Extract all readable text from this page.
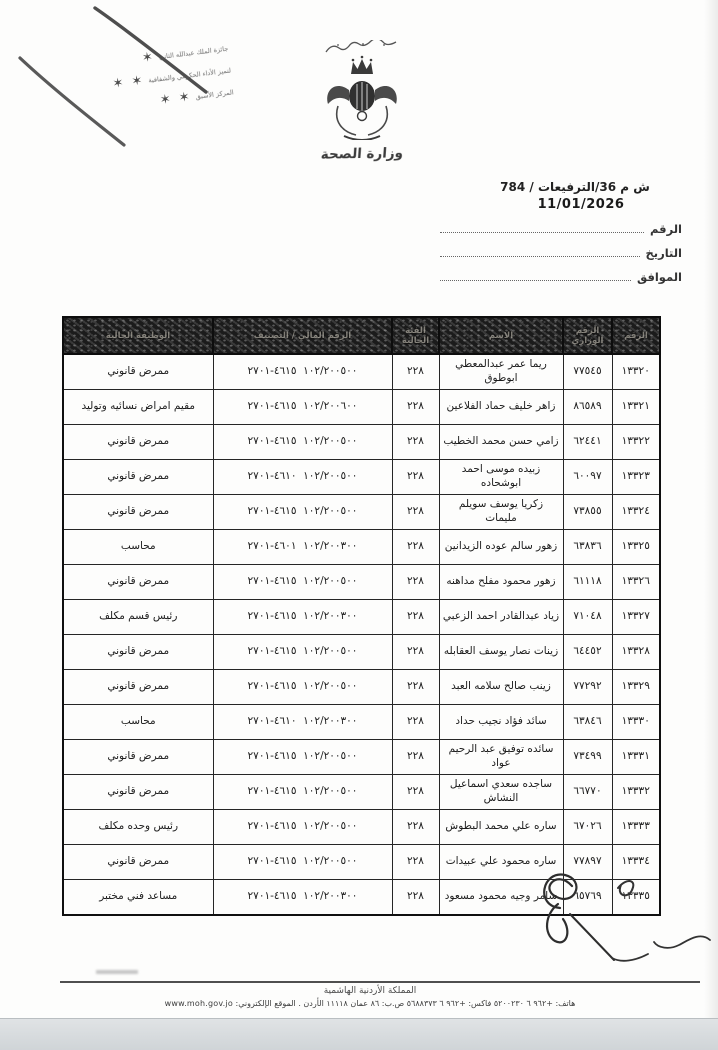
جائزة الملك عبدالله الثاني
✶
لتميز الأداء الحكومي والشفافية
✶ ✶
المركز الأسبق
✶ ✶
وزارة الصحة
ش م 36/الترفيعات / 784
11/01/2026
الرقم
التاريخ
الموافق
الرقم	الرقم الوزاري	الاسم	الفئة الحالية	الرقم المالي / التصنيف	الوظيفة الحالية
١٣٣٢٠	٧٧٥٤٥	ريما عمر عبدالمعطي ابوطوق	٢٢٨	١٠٢/٢٠٠٥٠٠  ٤٦١٥-٢٧٠١	ممرض قانوني
١٣٣٢١	٨٦٥٨٩	زاهر خليف حماد الفلاعين	٢٢٨	١٠٢/٢٠٠٦٠٠  ٤٦١٥-٢٧٠١	مقيم امراض نسائيه وتوليد
١٣٣٢٢	٦٢٤٤١	زامي حسن محمد الخطيب	٢٢٨	١٠٢/٢٠٠٥٠٠  ٤٦١٥-٢٧٠١	ممرض قانوني
١٣٣٢٣	٦٠٠٩٧	زبيده موسى احمد ابوشحاده	٢٢٨	١٠٢/٢٠٠٥٠٠  ٤٦١٠-٢٧٠١	ممرض قانوني
١٣٣٢٤	٧٣٨٥٥	زكريا يوسف سويلم مليمات	٢٢٨	١٠٢/٢٠٠٥٠٠  ٤٦١٥-٢٧٠١	ممرض قانوني
١٣٣٢٥	٦٣٨٣٦	زهور سالم عوده الزيدانين	٢٢٨	١٠٢/٢٠٠٣٠٠  ٤٦٠١-٢٧٠١	محاسب
١٣٣٢٦	٦١١١٨	زهور محمود مفلح مداهنه	٢٢٨	١٠٢/٢٠٠٥٠٠  ٤٦١٥-٢٧٠١	ممرض قانوني
١٣٣٢٧	٧١٠٤٨	زياد عبدالقادر احمد الزعبي	٢٢٨	١٠٢/٢٠٠٣٠٠  ٤٦١٥-٢٧٠١	رئيس قسم مكلف
١٣٣٢٨	٦٤٤٥٢	زينات نصار يوسف العقابله	٢٢٨	١٠٢/٢٠٠٥٠٠  ٤٦١٥-٢٧٠١	ممرض قانوني
١٣٣٢٩	٧٧٢٩٢	زينب صالح سلامه العبد	٢٢٨	١٠٢/٢٠٠٥٠٠  ٤٦١٥-٢٧٠١	ممرض قانوني
١٣٣٣٠	٦٣٨٤٦	سائد فؤاد نجيب حداد	٢٢٨	١٠٢/٢٠٠٣٠٠  ٤٦١٠-٢٧٠١	محاسب
١٣٣٣١	٧٣٤٩٩	سائده توفيق عبد الرحيم عواد	٢٢٨	١٠٢/٢٠٠٥٠٠  ٤٦١٥-٢٧٠١	ممرض قانوني
١٣٣٣٢	٦٦٧٧٠	ساجده سعدي اسماعيل النشاش	٢٢٨	١٠٢/٢٠٠٥٠٠  ٤٦١٥-٢٧٠١	ممرض قانوني
١٣٣٣٣	٦٧٠٢٦	ساره علي محمد البطوش	٢٢٨	١٠٢/٢٠٠٥٠٠  ٤٦١٥-٢٧٠١	رئيس وحده مكلف
١٣٣٣٤	٧٧٨٩٧	ساره محمود علي عبيدات	٢٢٨	١٠٢/٢٠٠٥٠٠  ٤٦١٥-٢٧٠١	ممرض قانوني
١٣٣٣٥	٦٥٧٦٩	سامر وجيه محمود مسعود	٢٢٨	١٠٢/٢٠٠٣٠٠  ٤٦١٥-٢٧٠١	مساعد فني مختبر
المملكة الأردنية الهاشمية
هاتف: +٩٦٢ ٦ ٥٢٠٠٢٣٠ فاكس: +٩٦٢ ٦ ٥٦٨٨٣٧٣ ص.ب: ٨٦ عمان ١١١١٨ الأردن . الموقع الإلكتروني: www.moh.gov.jo
